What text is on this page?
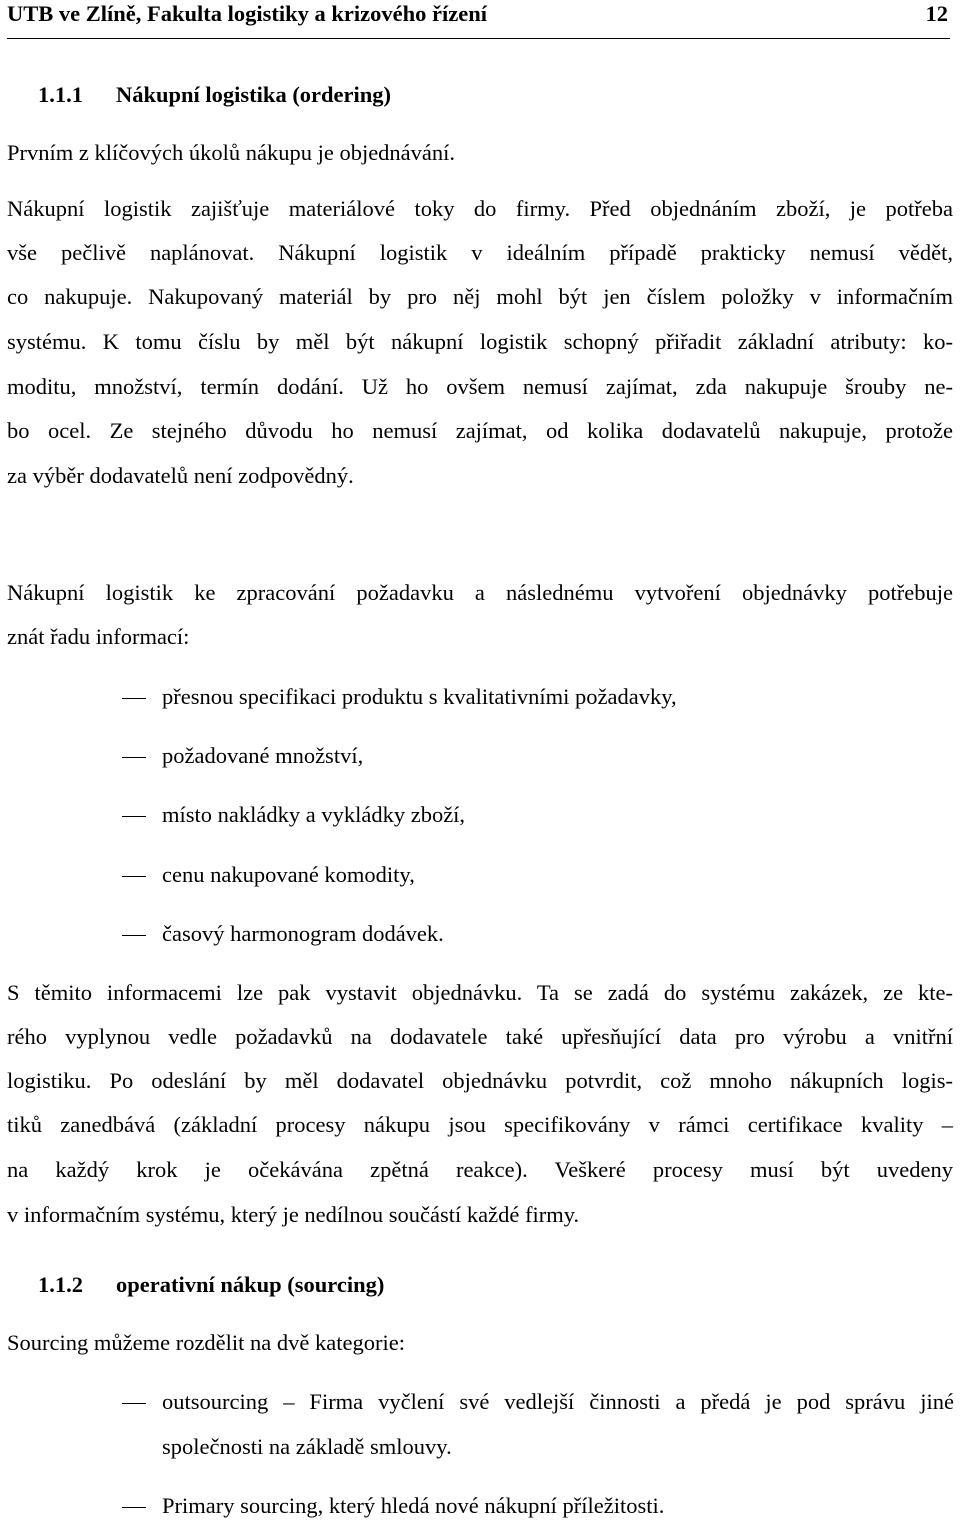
UTB ve Zlíně, Fakulta logistiky a krizového řízení	12
1.1.1 Nákupní logistika (ordering)
Prvním z klíčových úkolů nákupu je objednávání.
Nákupní logistik zajišťuje materiálové toky do firmy. Před objednáním zboží, je potřeba
vše pečlivě naplánovat. Nákupní logistik v ideálním případě prakticky nemusí vědět,
co nakupuje. Nakupovaný materiál by pro něj mohl být jen číslem položky v informačním
systému. K tomu číslu by měl být nákupní logistik schopný přiřadit základní atributy: ko-
moditu, množství, termín dodání. Už ho ovšem nemusí zajímat, zda nakupuje šrouby ne-
bo ocel. Ze stejného důvodu ho nemusí zajímat, od kolika dodavatelů nakupuje, protože
za výběr dodavatelů není zodpovědný.
Nákupní logistik ke zpracování požadavku a následnému vytvoření objednávky potřebuje
znát řadu informací:
přesnou specifikaci produktu s kvalitativními požadavky,
požadované množství,
místo nakládky a vykládky zboží,
cenu nakupované komodity,
časový harmonogram dodávek.
S těmito informacemi lze pak vystavit objednávku. Ta se zadá do systému zakázek, ze kte-
rého vyplynou vedle požadavků na dodavatele také upřesňující data pro výrobu a vnitřní
logistiku. Po odeslání by měl dodavatel objednávku potvrdit, což mnoho nákupních logis-
tiků zanedbává (základní procesy nákupu jsou specifikovány v rámci certifikace kvality –
na každý krok je očekávána zpětná reakce). Veškeré procesy musí být uvedeny
v informačním systému, který je nedílnou součástí každé firmy.
1.1.2 operativní nákup (sourcing)
Sourcing můžeme rozdělit na dvě kategorie:
outsourcing – Firma vyčlení své vedlejší činnosti a předá je pod správu jiné
společnosti na základě smlouvy.
Primary sourcing, který hledá nové nákupní příležitosti.
